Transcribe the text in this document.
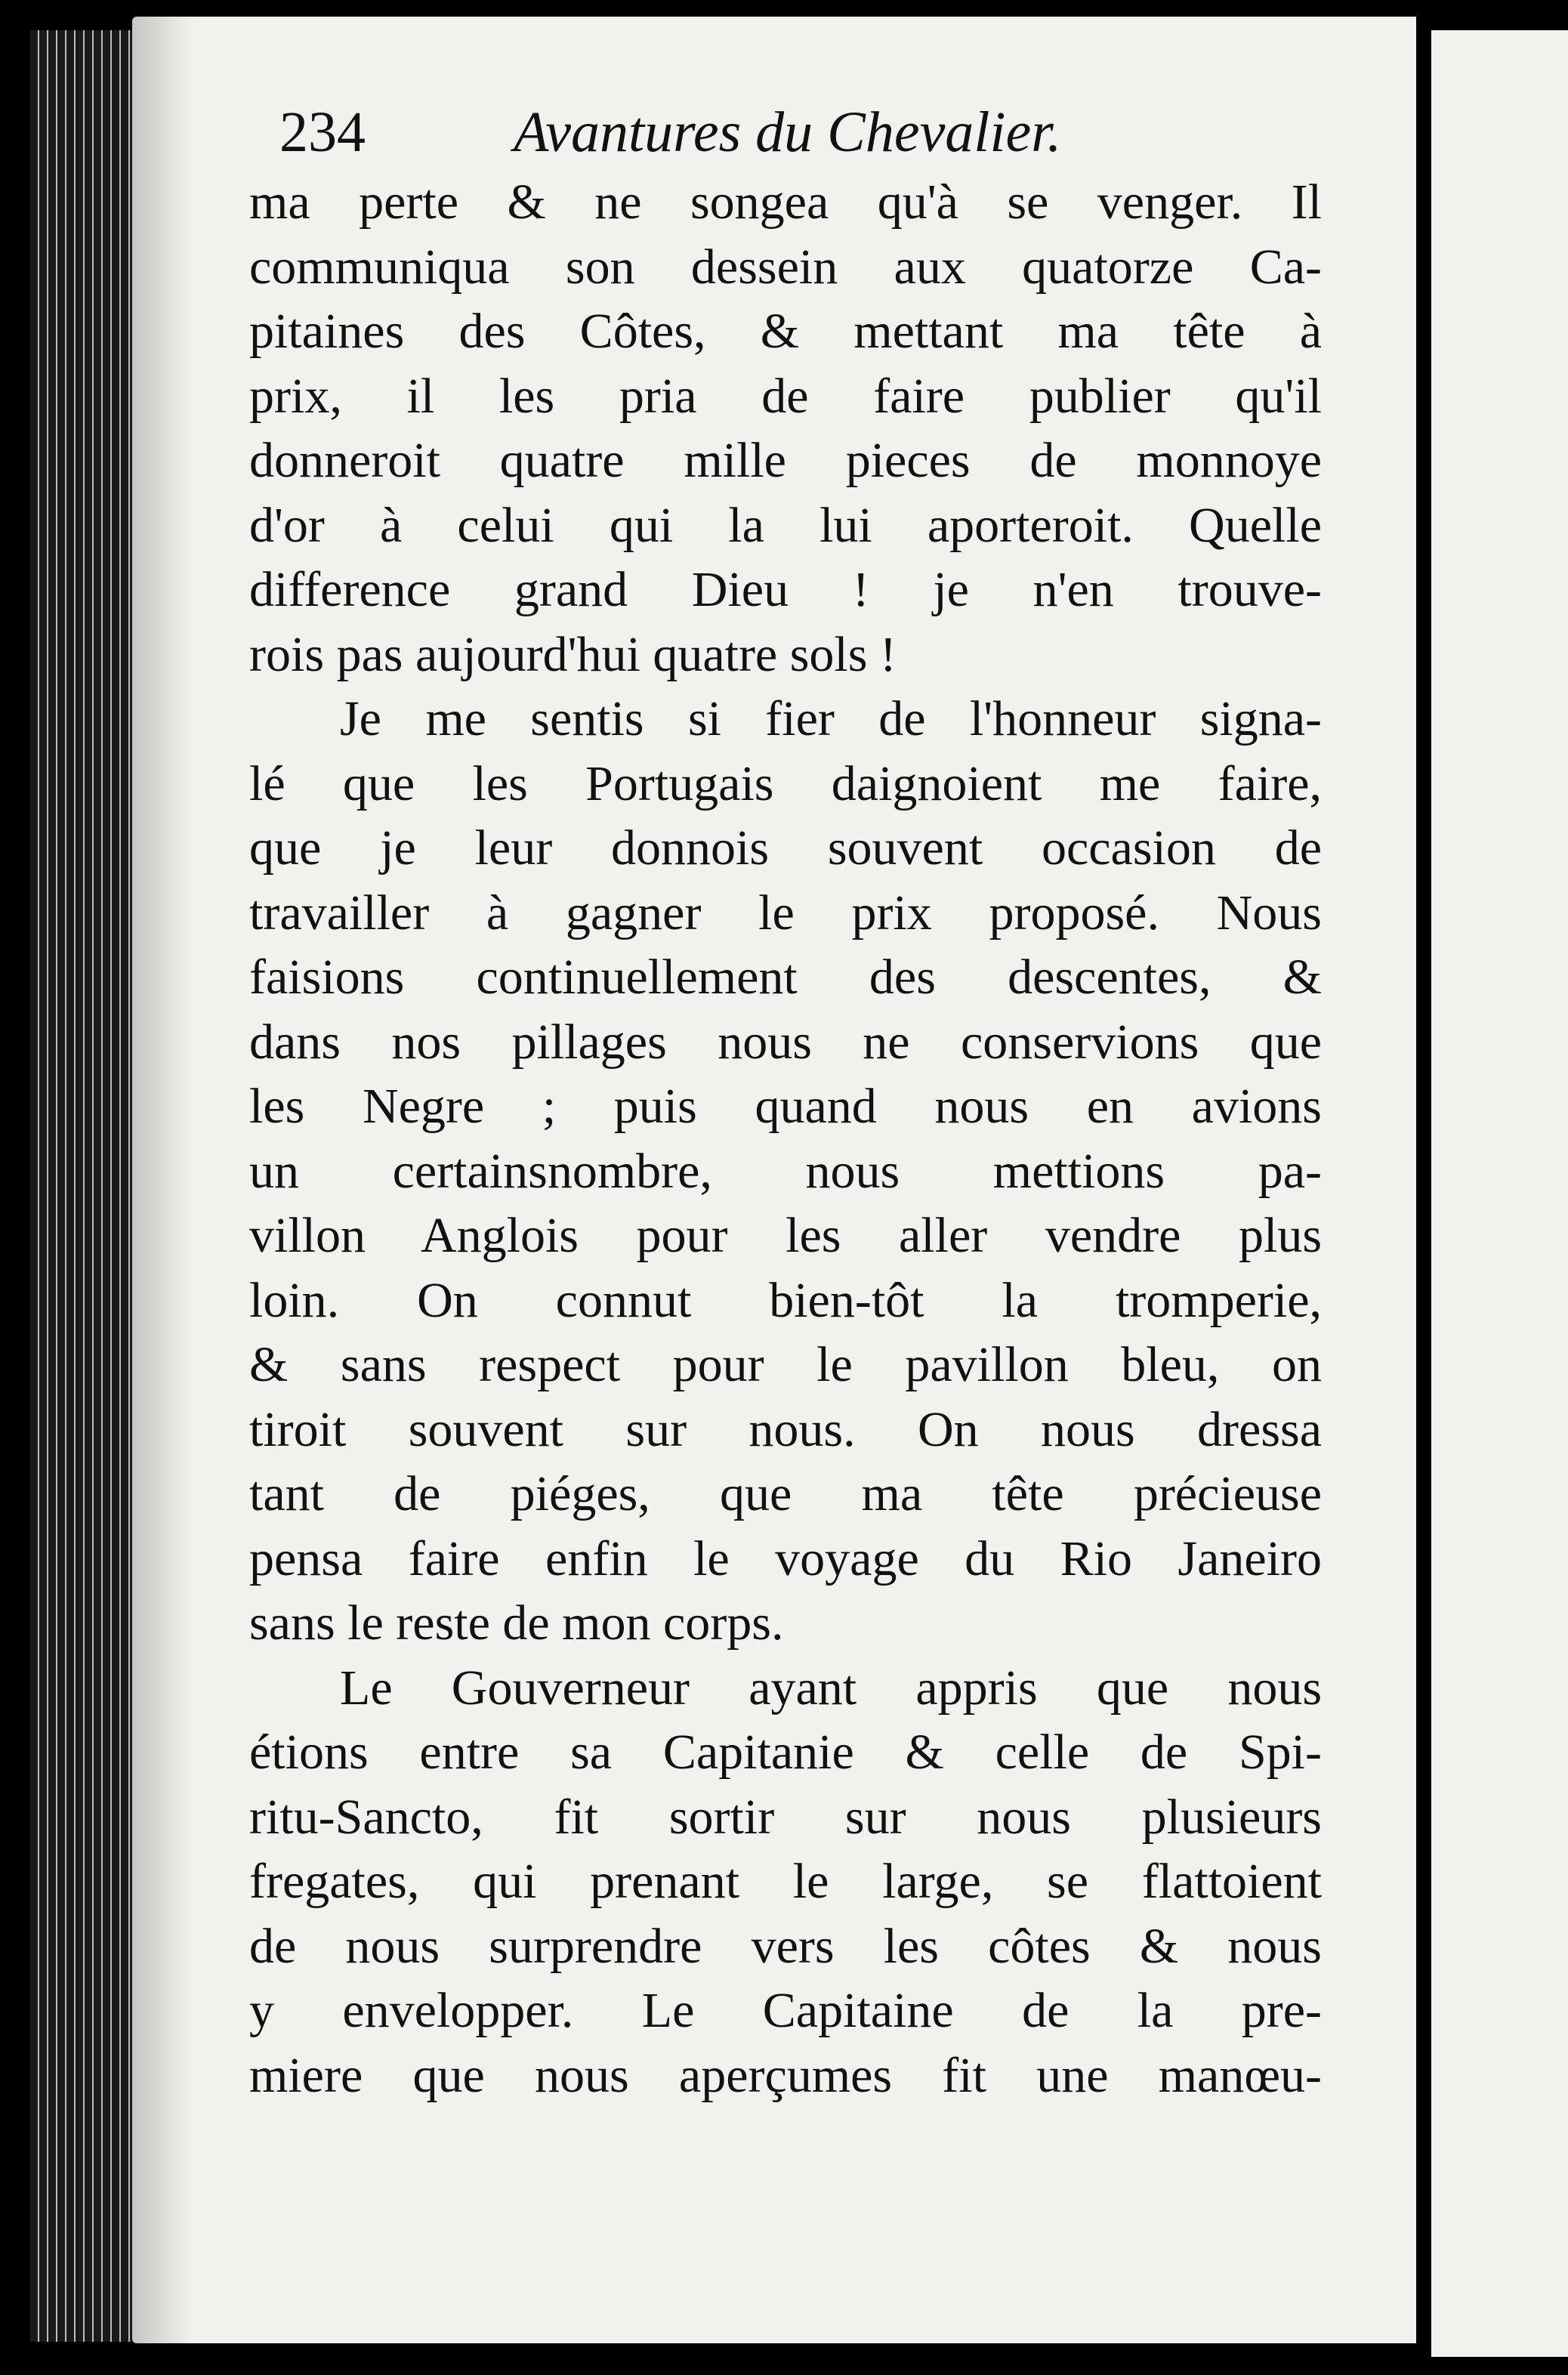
234	Avantures du Chevalier.
ma perte & ne songea qu'à se venger. Il
communiqua son dessein aux quatorze Ca-
pitaines des Côtes, & mettant ma tête à
prix, il les pria de faire publier qu'il
donneroit quatre mille pieces de monnoye
d'or à celui qui la lui aporteroit. Quelle
difference grand Dieu ! je n'en trouve-
rois pas aujourd'hui quatre sols !
Je me sentis si fier de l'honneur signa-
lé que les Portugais daignoient me faire,
que je leur donnois souvent occasion de
travailler à gagner le prix proposé. Nous
faisions continuellement des descentes, &
dans nos pillages nous ne conservions que
les Negre ; puis quand nous en avions
un certainsnombre, nous mettions pa-
villon Anglois pour les aller vendre plus
loin. On connut bien-tôt la tromperie,
& sans respect pour le pavillon bleu, on
tiroit souvent sur nous. On nous dressa
tant de piéges, que ma tête précieuse
pensa faire enfin le voyage du Rio Janeiro
sans le reste de mon corps.
Le Gouverneur ayant appris que nous
étions entre sa Capitanie & celle de Spi-
ritu-Sancto, fit sortir sur nous plusieurs
fregates, qui prenant le large, se flattoient
de nous surprendre vers les côtes & nous
y envelopper. Le Capitaine de la pre-
miere que nous aperçumes fit une manœu-
